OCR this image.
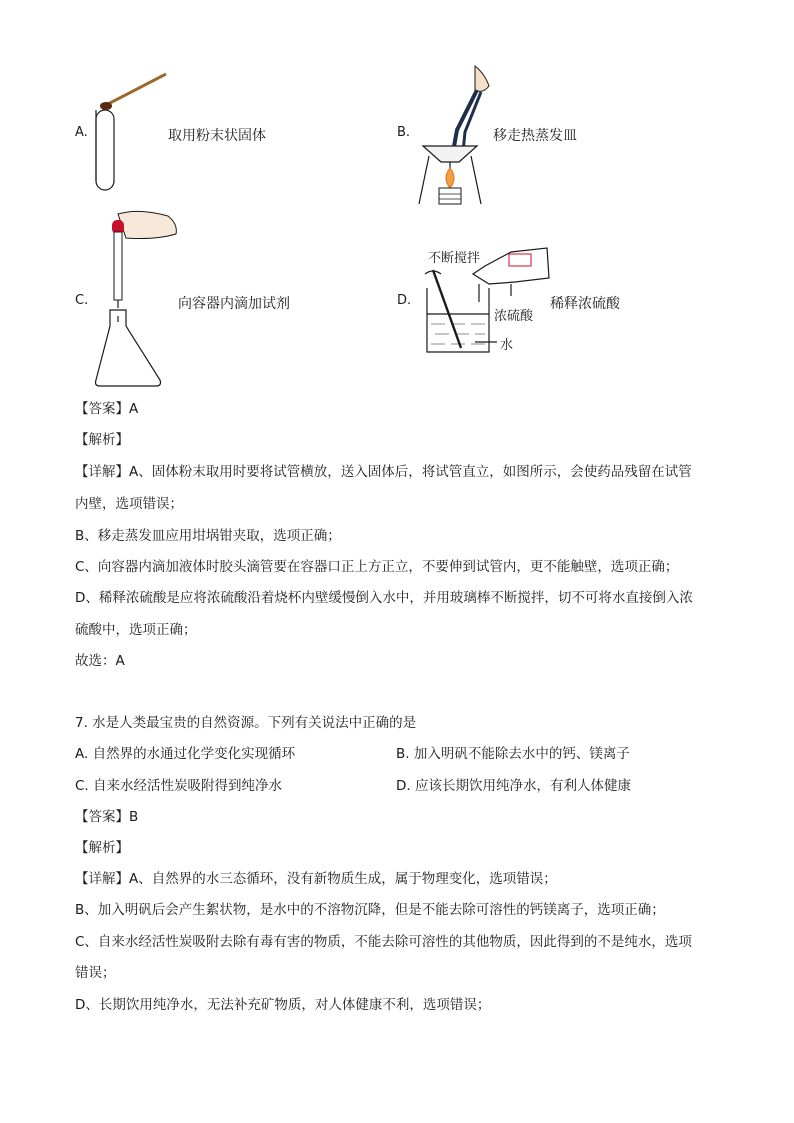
A.	取用粉末状固体	B.	移走热蒸发皿
C.	向容器内滴加试剂	D.
不断搅拌
浓硫酸
水
稀释浓硫酸
【答案】A
【解析】
【详解】A、固体粉末取用时要将试管横放，送入固体后，将试管直立，如图所示，会使药品残留在试管
内壁，选项错误；
B、移走蒸发皿应用坩埚钳夹取，选项正确；
C、向容器内滴加液体时胶头滴管要在容器口正上方正立，不要伸到试管内，更不能触壁，选项正确；
D、稀释浓硫酸是应将浓硫酸沿着烧杯内壁缓慢倒入水中，并用玻璃棒不断搅拌，切不可将水直接倒入浓
硫酸中，选项正确；
故选：A
7. 水是人类最宝贵的自然资源。下列有关说法中正确的是
A. 自然界的水通过化学变化实现循环	B. 加入明矾不能除去水中的钙、镁离子
C. 自来水经活性炭吸附得到纯净水	D. 应该长期饮用纯净水，有利人体健康
【答案】B
【解析】
【详解】A、自然界的水三态循环，没有新物质生成，属于物理变化，选项错误；
B、加入明矾后会产生絮状物，是水中的不溶物沉降，但是不能去除可溶性的钙镁离子，选项正确；
C、自来水经活性炭吸附去除有毒有害的物质，不能去除可溶性的其他物质，因此得到的不是纯水，选项
错误；
D、长期饮用纯净水，无法补充矿物质，对人体健康不利，选项错误；
